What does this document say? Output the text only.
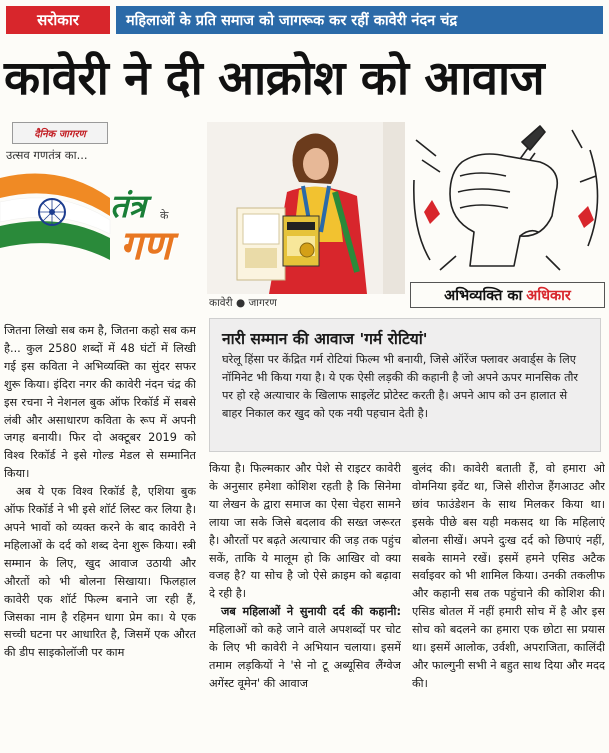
सरोकार	महिलाओं के प्रति समाज को जागरूक कर रहीं कावेरी नंदन चंद्र
कावेरी ने दी आक्रोश को आवाज
दैनिक जागरण
उत्सव गणतंत्र का...
तंत्र के
गण
कावेरी ● जागरण	अभिव्यक्ति का अधिकार
नारी सम्मान की आवाज 'गर्म रोटियां'
घरेलू हिंसा पर केंद्रित गर्म रोटियां फिल्म भी बनायी, जिसे ऑरेंज फ्लावर अवार्ड्स के लिए नॉमिनेट भी किया गया है। ये एक ऐसी लड़की की कहानी है जो अपने ऊपर मानसिक तौर पर हो रहे अत्याचार के खिलाफ साइलेंट प्रोटेस्ट करती है। अपने आप को उन हालात से बाहर निकाल कर खुद को एक नयी पहचान देती है।

जितना लिखो सब कम है, जितना कहो सब कम है... कुल 2580 शब्दों में 48 घंटों में लिखी गई इस कविता ने अभिव्यक्ति का सुंदर सफर शुरू किया। इंदिरा नगर की कावेरी नंदन चंद्र की इस रचना ने नेशनल बुक ऑफ रिकॉर्ड में सबसे लंबी और असाधारण कविता के रूप में अपनी जगह बनायी। फिर दो अक्टूबर 2019 को विश्व रिकॉर्ड ने इसे गोल्ड मेडल से सम्मानित किया।

अब ये एक विश्व रिकॉर्ड है, एशिया बुक ऑफ रिकॉर्ड ने भी इसे शॉर्ट लिस्ट कर लिया है। अपने भावों को व्यक्त करने के बाद कावेरी ने महिलाओं के दर्द को शब्द देना शुरू किया। स्त्री सम्मान के लिए, खुद आवाज उठायी और औरतों को भी बोलना सिखाया। फिलहाल कावेरी एक शॉर्ट फिल्म बनाने जा रही हैं, जिसका नाम है रहिमन धागा प्रेम का। ये एक सच्ची घटना पर आधारित है, जिसमें एक औरत की डीप साइकोलॉजी पर काम

किया है। फिल्मकार और पेशे से राइटर कावेरी के अनुसार हमेशा कोशिश रहती है कि सिनेमा या लेखन के द्वारा समाज का ऐसा चेहरा सामने लाया जा सके जिसे बदलाव की सख्त जरूरत है। औरतों पर बढ़ते अत्याचार की जड़ तक पहुंच सकें, ताकि ये मालूम हो कि आखिर वो क्या वजह है? या सोच है जो ऐसे क्राइम को बढ़ावा दे रही है।

जब महिलाओं ने सुनायी दर्द की कहानी: महिलाओं को कहे जाने वाले अपशब्दों पर चोट के लिए भी कावेरी ने अभियान चलाया। इसमें तमाम लड़कियों ने 'से नो टू अब्यूसिव लैंग्वेज अगेंस्ट वूमेन' की आवाज

बुलंद की। कावेरी बताती हैं, वो हमारा ओ वोमनिया इवेंट था, जिसे शीरोज हैंगआउट और छांव फाउंडेशन के साथ मिलकर किया था। इसके पीछे बस यही मकसद था कि महिलाएं बोलना सीखें। अपने दुःख दर्द को छिपाएं नहीं, सबके सामने रखें। इसमें हमने एसिड अटैक सर्वाइवर को भी शामिल किया। उनकी तकलीफ और कहानी सब तक पहुंचाने की कोशिश की। एसिड बोतल में नहीं हमारी सोच में है और इस सोच को बदलने का हमारा एक छोटा सा प्रयास था। इसमें आलोक, उर्वशी, अपराजिता, कालिंदी और फाल्गुनी सभी ने बहुत साथ दिया और मदद की।
